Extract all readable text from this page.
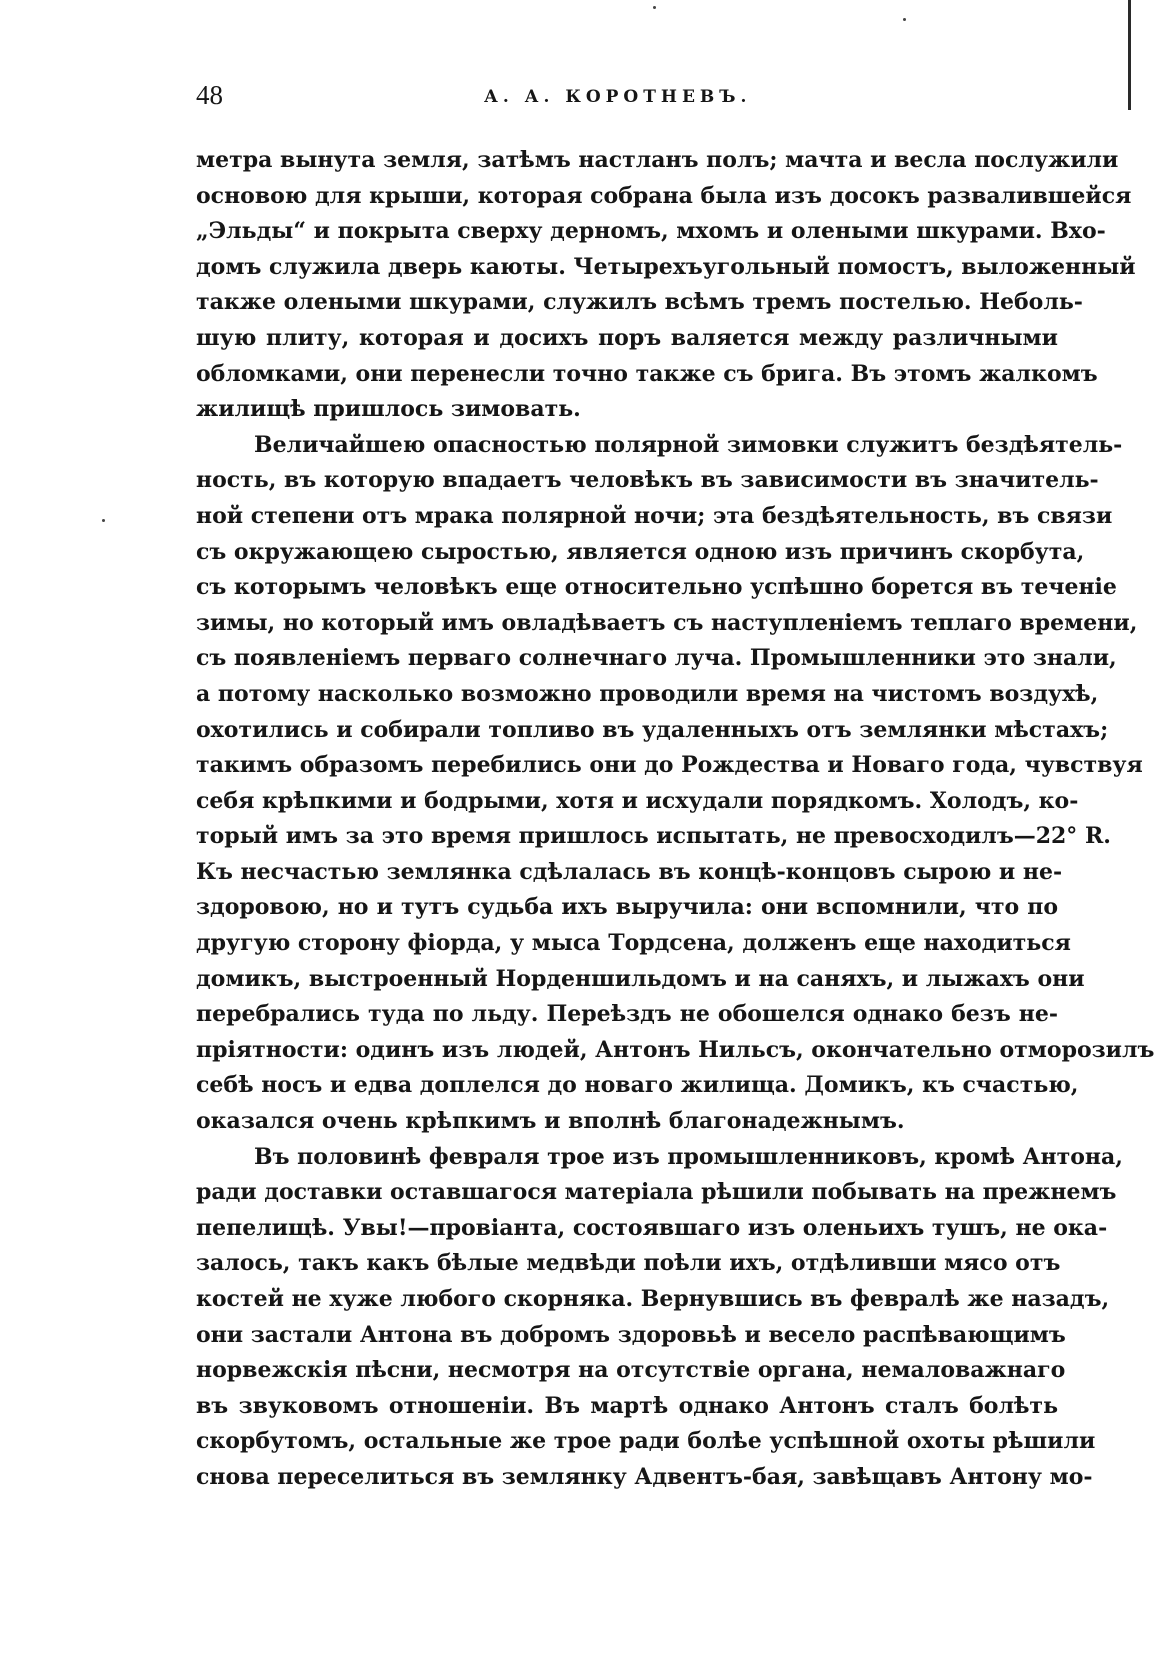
48	А. А. КОРОТНЕВЪ.
метра вынута земля, затѣмъ настланъ полъ; мачта и весла послужили
основою для крыши, которая собрана была изъ досокъ развалившейся
„Эльды“ и покрыта сверху дерномъ, мхомъ и олеными шкурами. Вхо-
домъ служила дверь каюты. Четырехъугольный помостъ, выложенный
также олеными шкурами, служилъ всѣмъ тремъ постелью. Неболь-
шую плиту, которая и досихъ поръ валяется между различными
обломками, они перенесли точно также съ брига. Въ этомъ жалкомъ
жилищѣ пришлось зимовать.
Величайшею опасностью полярной зимовки служитъ бездѣятель-
ность, въ которую впадаетъ человѣкъ въ зависимости въ значитель-
ной степени отъ мрака полярной ночи; эта бездѣятельность, въ связи
съ окружающею сыростью, является одною изъ причинъ скорбута,
съ которымъ человѣкъ еще относительно успѣшно борется въ теченіе
зимы, но который имъ овладѣваетъ съ наступленіемъ теплаго времени,
съ появленіемъ перваго солнечнаго луча. Промышленники это знали,
а потому насколько возможно проводили время на чистомъ воздухѣ,
охотились и собирали топливо въ удаленныхъ отъ землянки мѣстахъ;
такимъ образомъ перебились они до Рождества и Новаго года, чувствуя
себя крѣпкими и бодрыми, хотя и исхудали порядкомъ. Холодъ, ко-
торый имъ за это время пришлось испытать, не превосходилъ—22° R.
Къ несчастью землянка сдѣлалась въ концѣ-концовъ сырою и не-
здоровою, но и тутъ судьба ихъ выручила: они вспомнили, что по
другую сторону фіорда, у мыса Тордсена, долженъ еще находиться
домикъ, выстроенный Норденшильдомъ и на саняхъ, и лыжахъ они
перебрались туда по льду. Переѣздъ не обошелся однако безъ не-
пріятности: одинъ изъ людей, Антонъ Нильсъ, окончательно отморозилъ
себѣ носъ и едва доплелся до новаго жилища. Домикъ, къ счастью,
оказался очень крѣпкимъ и вполнѣ благонадежнымъ.
Въ половинѣ февраля трое изъ промышленниковъ, кромѣ Антона,
ради доставки оставшагося матеріала рѣшили побывать на прежнемъ
пепелищѣ. Увы!—провіанта, состоявшаго изъ оленьихъ тушъ, не ока-
залось, такъ какъ бѣлые медвѣди поѣли ихъ, отдѣливши мясо отъ
костей не хуже любого скорняка. Вернувшись въ февралѣ же назадъ,
они застали Антона въ добромъ здоровьѣ и весело распѣвающимъ
норвежскія пѣсни, несмотря на отсутствіе органа, немаловажнаго
въ звуковомъ отношеніи. Въ мартѣ однако Антонъ сталъ болѣть
скорбутомъ, остальные же трое ради болѣе успѣшной охоты рѣшили
снова переселиться въ землянку Адвентъ-бая, завѣщавъ Антону мо-
